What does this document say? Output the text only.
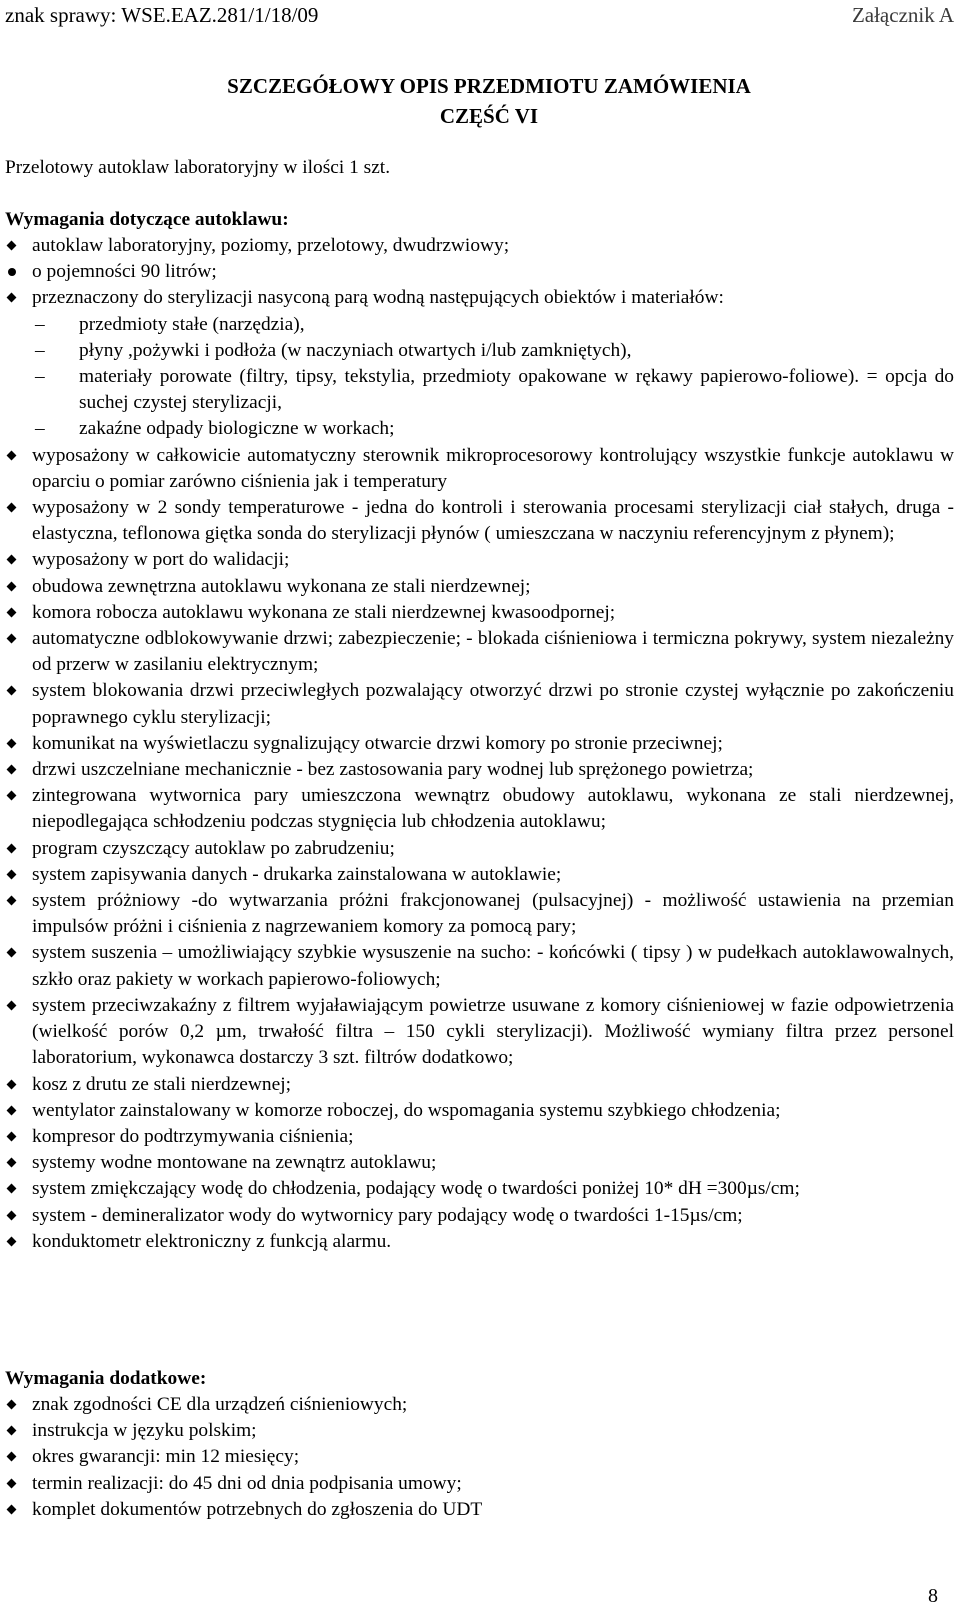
znak sprawy: WSE.EAZ.281/1/18/09	Załącznik A
SZCZEGÓŁOWY OPIS PRZEDMIOTU ZAMÓWIENIA
CZĘŚĆ VI
Przelotowy autoklaw laboratoryjny w ilości 1 szt.
Wymagania dotyczące autoklawu:
autoklaw laboratoryjny, poziomy, przelotowy, dwudrzwiowy;
o pojemności 90 litrów;
przeznaczony do sterylizacji nasyconą parą wodną następujących obiektów i materiałów:
– przedmioty stałe (narzędzia),
– płyny ,pożywki i podłoża (w naczyniach otwartych i/lub zamkniętych),
– materiały porowate (filtry, tipsy, tekstylia, przedmioty opakowane w rękawy papierowo-foliowe). = opcja do suchej czystej sterylizacji,
– zakaźne odpady biologiczne w workach;
wyposażony w całkowicie automatyczny sterownik mikroprocesorowy kontrolujący wszystkie funkcje autoklawu w oparciu o pomiar zarówno ciśnienia jak i temperatury
wyposażony w 2 sondy temperaturowe - jedna do kontroli i sterowania procesami sterylizacji ciał stałych, druga - elastyczna, teflonowa giętka sonda do sterylizacji płynów ( umieszczana w naczyniu referencyjnym z płynem);
wyposażony w port do walidacji;
obudowa zewnętrzna autoklawu wykonana ze stali nierdzewnej;
komora robocza autoklawu wykonana ze stali nierdzewnej kwasoodpornej;
automatyczne odblokowywanie drzwi; zabezpieczenie; - blokada ciśnieniowa i termiczna pokrywy, system niezależny od przerw w zasilaniu elektrycznym;
system blokowania drzwi przeciwległych pozwalający otworzyć drzwi po stronie czystej wyłącznie po zakończeniu poprawnego cyklu sterylizacji;
komunikat na wyświetlaczu sygnalizujący otwarcie drzwi komory po stronie przeciwnej;
drzwi uszczelniane mechanicznie - bez zastosowania pary wodnej lub sprężonego powietrza;
zintegrowana wytwornica pary umieszczona wewnątrz obudowy autoklawu, wykonana ze stali nierdzewnej, niepodlegająca schłodzeniu podczas stygnięcia lub chłodzenia autoklawu;
program czyszczący autoklaw po zabrudzeniu;
system zapisywania danych - drukarka zainstalowana w autoklawie;
system próżniowy -do wytwarzania próżni frakcjonowanej (pulsacyjnej) - możliwość ustawienia na przemian impulsów próżni i ciśnienia z nagrzewaniem komory za pomocą pary;
system suszenia – umożliwiający szybkie wysuszenie na sucho: - końcówki ( tipsy ) w pudełkach autoklawowalnych, szkło oraz pakiety w workach papierowo-foliowych;
system przeciwzakaźny z filtrem wyjaławiającym powietrze usuwane z komory ciśnieniowej w fazie odpowietrzenia (wielkość porów 0,2 µm, trwałość filtra – 150 cykli sterylizacji). Możliwość wymiany filtra przez personel laboratorium, wykonawca dostarczy 3 szt. filtrów dodatkowo;
kosz z drutu ze stali nierdzewnej;
wentylator zainstalowany w komorze roboczej, do wspomagania systemu szybkiego chłodzenia;
kompresor do podtrzymywania ciśnienia;
systemy wodne montowane na zewnątrz autoklawu;
system zmiękczający wodę do chłodzenia, podający wodę o twardości poniżej 10* dH =300µs/cm;
system - demineralizator wody do wytwornicy pary podający wodę o twardości 1-15µs/cm;
konduktometr elektroniczny z funkcją alarmu.
Wymagania dodatkowe:
znak zgodności CE dla urządzeń ciśnieniowych;
instrukcja w języku polskim;
okres gwarancji: min 12 miesięcy;
termin realizacji: do 45 dni od dnia podpisania umowy;
komplet dokumentów potrzebnych do zgłoszenia do UDT
8
